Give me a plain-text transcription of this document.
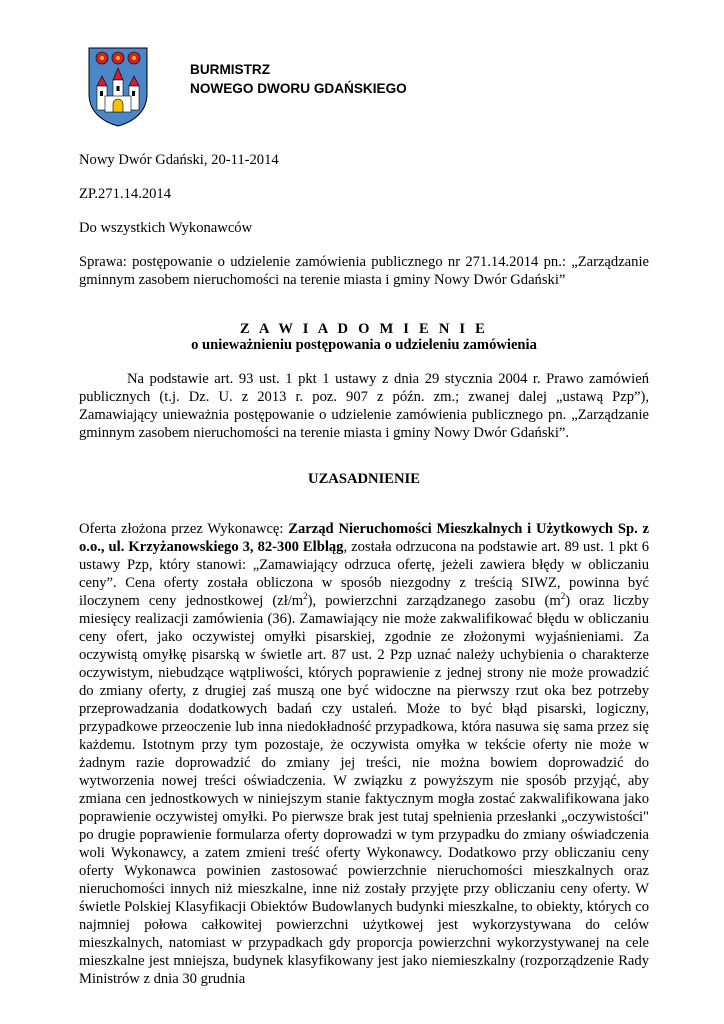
BURMISTRZ
NOWEGO DWORU GDAŃSKIEGO
Nowy Dwór Gdański, 20-11-2014
ZP.271.14.2014
Do wszystkich Wykonawców
Sprawa: postępowanie o udzielenie zamówienia publicznego nr 271.14.2014 pn.: „Zarządzanie gminnym zasobem nieruchomości na terenie miasta i gminy Nowy Dwór Gdański”
Z A W I A D O M I E N I E
o unieważnieniu postępowania o udzieleniu zamówienia
Na podstawie art. 93 ust. 1 pkt 1 ustawy z dnia 29 stycznia 2004 r. Prawo zamówień publicznych (t.j. Dz. U. z 2013 r. poz. 907 z późn. zm.; zwanej dalej „ustawą Pzp”), Zamawiający unieważnia postępowanie o udzielenie zamówienia publicznego pn. „Zarządzanie gminnym zasobem nieruchomości na terenie miasta i gminy Nowy Dwór Gdański”.
UZASADNIENIE
Oferta złożona przez Wykonawcę: Zarząd Nieruchomości Mieszkalnych i Użytkowych Sp. z o.o., ul. Krzyżanowskiego 3, 82-300 Elbląg, została odrzucona na podstawie art. 89 ust. 1 pkt 6 ustawy Pzp, który stanowi: „Zamawiający odrzuca ofertę, jeżeli zawiera błędy w obliczaniu ceny”. Cena oferty została obliczona w sposób niezgodny z treścią SIWZ, powinna być iloczynem ceny jednostkowej $(zł/m^2)$, powierzchni zarządzanego zasobu $(m^2)$ oraz liczby miesięcy realizacji zamówienia (36). Zamawiający nie może zakwalifikować błędu w obliczaniu ceny ofert, jako oczywistej omyłki pisarskiej, zgodnie ze złożonymi wyjaśnieniami. Za oczywistą omyłkę pisarską w świetle art. 87 ust. 2 Pzp uznać należy uchybienia o charakterze oczywistym, niebudzące wątpliwości, których poprawienie z jednej strony nie może prowadzić do zmiany oferty, z drugiej zaś muszą one być widoczne na pierwszy rzut oka bez potrzeby przeprowadzania dodatkowych badań czy ustaleń. Może to być błąd pisarski, logiczny, przypadkowe przeoczenie lub inna niedokładność przypadkowa, która nasuwa się sama przez się każdemu. Istotnym przy tym pozostaje, że oczywista omyłka w tekście oferty nie może w żadnym razie doprowadzić do zmiany jej treści, nie można bowiem doprowadzić do wytworzenia nowej treści oświadczenia. W związku z powyższym nie sposób przyjąć, aby zmiana cen jednostkowych w niniejszym stanie faktycznym mogła zostać zakwalifikowana jako poprawienie oczywistej omyłki. Po pierwsze brak jest tutaj spełnienia przesłanki „oczywistości" po drugie poprawienie formularza oferty doprowadzi w tym przypadku do zmiany oświadczenia woli Wykonawcy, a zatem zmieni treść oferty Wykonawcy. Dodatkowo przy obliczaniu ceny oferty Wykonawca powinien zastosować powierzchnie nieruchomości mieszkalnych oraz nieruchomości innych niż mieszkalne, inne niż zostały przyjęte przy obliczaniu ceny oferty. W świetle Polskiej Klasyfikacji Obiektów Budowlanych budynki mieszkalne, to obiekty, których co najmniej połowa całkowitej powierzchni użytkowej jest wykorzystywana do celów mieszkalnych, natomiast w przypadkach gdy proporcja powierzchni wykorzystywanej na cele mieszkalne jest mniejsza, budynek klasyfikowany jest jako niemieszkalny (rozporządzenie Rady Ministrów z dnia 30 grudnia
